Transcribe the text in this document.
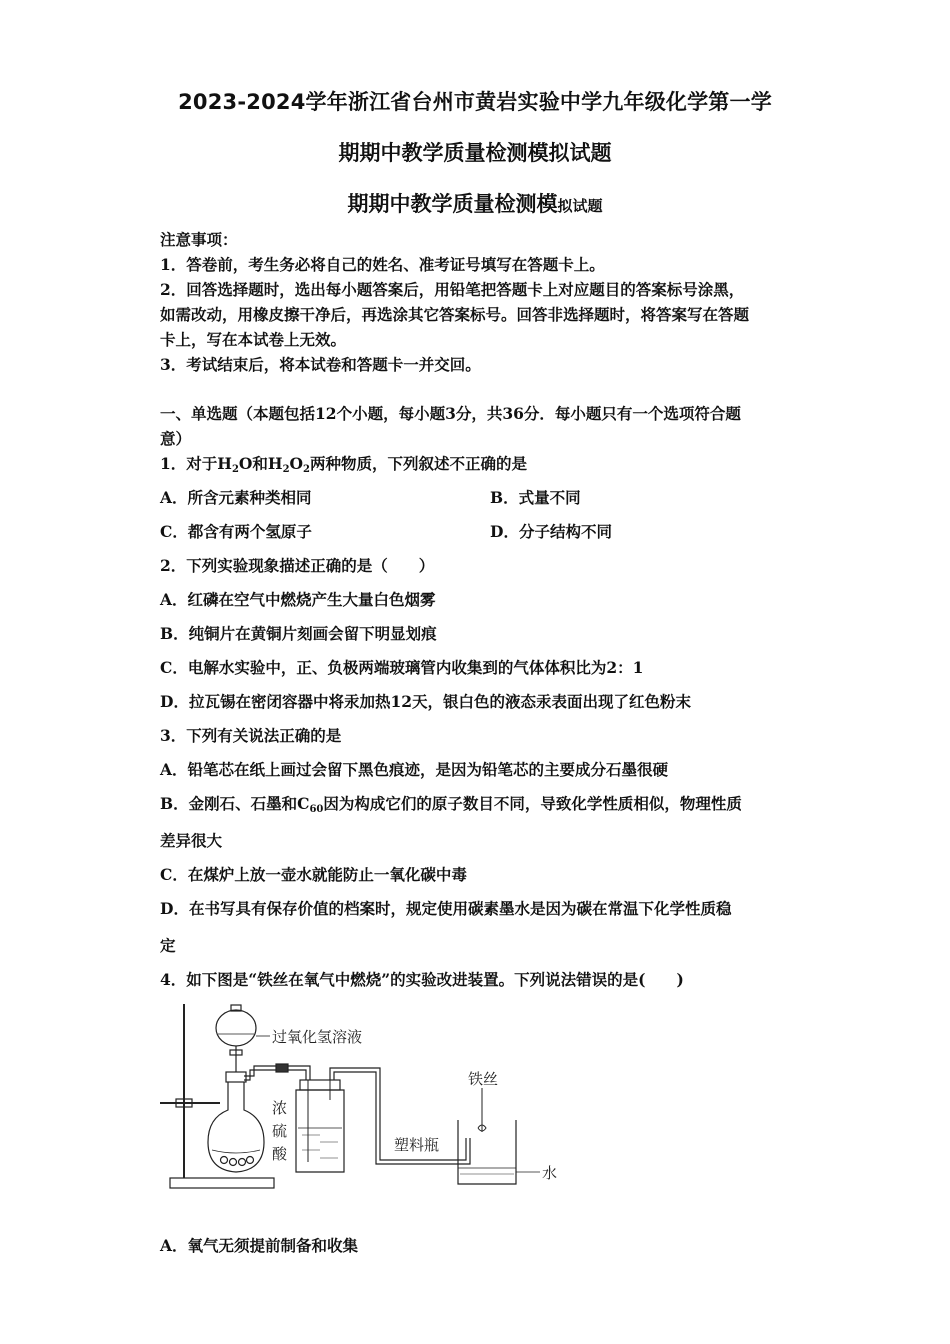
2023-2024学年浙江省台州市黄岩实验中学九年级化学第一学
期期中教学质量检测模拟试题
期期中教学质量检测模拟试题
注意事项：
1．答卷前，考生务必将自己的姓名、准考证号填写在答题卡上。
2．回答选择题时，选出每小题答案后，用铅笔把答题卡上对应题目的答案标号涂黑，
如需改动，用橡皮擦干净后，再选涂其它答案标号。回答非选择题时，将答案写在答题
卡上，写在本试卷上无效。
3．考试结束后，将本试卷和答题卡一并交回。
一、单选题（本题包括12个小题，每小题3分，共36分．每小题只有一个选项符合题
意）
1．对于$H_2O$和$H_2O_2$两种物质，下列叙述不正确的是
A．所含元素种类相同	B．式量不同
C．都含有两个氢原子	D．分子结构不同
2．下列实验现象描述正确的是（　　）
A．红磷在空气中燃烧产生大量白色烟雾
B．纯铜片在黄铜片刻画会留下明显划痕
C．电解水实验中，正、负极两端玻璃管内收集到的气体体积比为2：1
D．拉瓦锡在密闭容器中将汞加热12天，银白色的液态汞表面出现了红色粉末
3．下列有关说法正确的是
A．铅笔芯在纸上画过会留下黑色痕迹，是因为铅笔芯的主要成分石墨很硬
B．金刚石、石墨和$C_{60}$因为构成它们的原子数目不同，导致化学性质相似，物理性质
差异很大
C．在煤炉上放一壶水就能防止一氧化碳中毒
D．在书写具有保存价值的档案时，规定使用碳素墨水是因为碳在常温下化学性质稳
定
4．如下图是“铁丝在氧气中燃烧”的实验改进装置。下列说法错误的是(　　)
过氧化氢溶液
浓
硫
酸
铁丝
塑料瓶
水
A．氧气无须提前制备和收集
